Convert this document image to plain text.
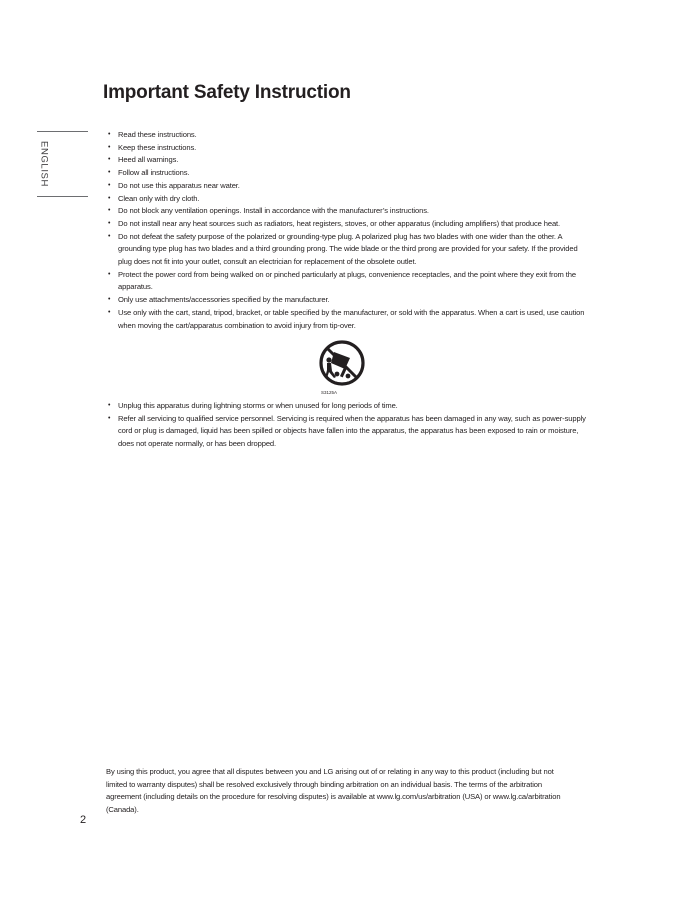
Important Safety Instruction
ENGLISH
• Read these instructions.
• Keep these instructions.
• Heed all warnings.
• Follow all instructions.
• Do not use this apparatus near water.
• Clean only with dry cloth.
• Do not block any ventilation openings. Install in accordance with the manufacturer’s instructions.
• Do not install near any heat sources such as radiators, heat registers, stoves, or other apparatus (including amplifiers) that produce heat.
• Do not defeat the safety purpose of the polarized or grounding-type plug. A polarized plug has two blades with one wider than the other. A grounding type plug has two blades and a third grounding prong. The wide blade or the third prong are provided for your safety. If the provided plug does not fit into your outlet, consult an electrician for replacement of the obsolete outlet.
• Protect the power cord from being walked on or pinched particularly at plugs, convenience receptacles, and the point where they exit from the apparatus.
• Only use attachments/accessories specified by the manufacturer.
• Use only with the cart, stand, tripod, bracket, or table specified by the manufacturer, or sold with the apparatus. When a cart is used, use caution when moving the cart/apparatus combination to avoid injury from tip-over.
S3125A
• Unplug this apparatus during lightning storms or when unused for long periods of time.
• Refer all servicing to qualified service personnel. Servicing is required when the apparatus has been damaged in any way, such as power-supply cord or plug is damaged, liquid has been spilled or objects have fallen into the apparatus, the apparatus has been exposed to rain or moisture, does not operate normally, or has been dropped.

By using this product, you agree that all disputes between you and LG arising out of or relating in any way to this product (including but not limited to warranty disputes) shall be resolved exclusively through binding arbitration on an individual basis. The terms of the arbitration agreement (including details on the procedure for resolving disputes) is available at www.lg.com/us/arbitration (USA) or www.lg.ca/arbitration (Canada).

2
